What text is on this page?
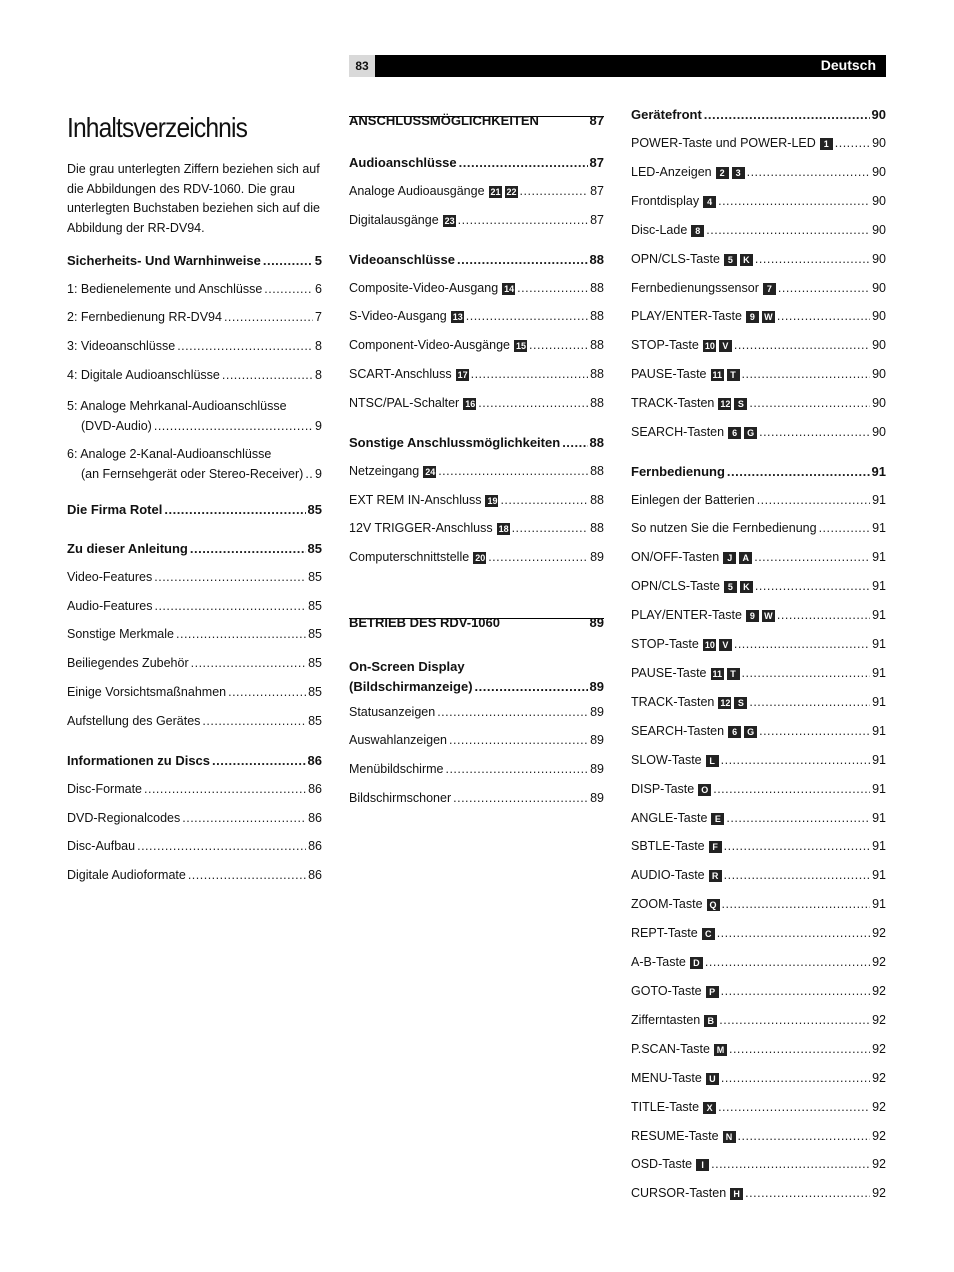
83	Deutsch
Inhaltsverzeichnis

Die grau unterlegten Ziffern beziehen sich auf die Abbildungen des RDV-1060. Die grau unterlegten Buchstaben beziehen sich auf die Abbildung der RR-DV94.

Sicherheits- Und Warnhinweise .....	5
1: Bedienelemente und Anschlüsse .....	6
2: Fernbedienung RR-DV94 .....	7
3: Videoanschlüsse .....	8
4: Digitale Audioanschlüsse .....	8
5: Analoge Mehrkanal-Audioanschlüsse
(DVD-Audio) .....	9
6: Analoge 2-Kanal-Audioanschlüsse
(an Fernsehgerät oder Stereo-Receiver) ..... 9
Die Firma Rotel .....	85
Zu dieser Anleitung .....	85
Video-Features .....	85
Audio-Features .....	85
Sonstige Merkmale .....	85
Beiliegendes Zubehör .....	85
Einige Vorsichtsmaßnahmen .....	85
Aufstellung des Gerätes .....	85
Informationen zu Discs .....	86
Disc-Formate .....	86
DVD-Regionalcodes .....	86
Disc-Aufbau .....	86
Digitale Audioformate .....	86
ANSCHLUSSMÖGLICHKEITEN	87
Audioanschlüsse .....	87
Analoge Audioausgänge 21 22 .....	87
Digitalausgänge 23 .....	87
Videoanschlüsse .....	88
Composite-Video-Ausgang 14 .....	88
S-Video-Ausgang 13 .....	88
Component-Video-Ausgänge 15 .....	88
SCART-Anschluss 17 .....	88
NTSC/PAL-Schalter 16 .....	88
Sonstige Anschlussmöglichkeiten ..... 88
Netzeingang 24 .....	88
EXT REM IN-Anschluss 19 .....	88
12V TRIGGER-Anschluss 18 .....	88
Computerschnittstelle 20 .....	89
BETRIEB DES RDV-1060	89
On-Screen Display
(Bildschirmanzeige) .....	89
Statusanzeigen .....	89
Auswahlanzeigen .....	89
Menübildschirme .....	89
Bildschirmschoner .....	89
Gerätefront .....	90
POWER-Taste und POWER-LED 1 .....	90
LED-Anzeigen 2	3 .....	90
Frontdisplay 4 .....	90
Disc-Lade 8 .....	90
OPN/CLS-Taste 5	K .....	90
Fernbedienungssensor 7 .....	90
PLAY/ENTER-Taste 9	W .....	90
STOP-Taste 10 V .....	90
PAUSE-Taste 11 T .....	90
TRACK-Tasten 12 S .....	90
SEARCH-Tasten 6	G .....	90
Fernbedienung .....	91
Einlegen der Batterien .....	91
So nutzen Sie die Fernbedienung .....	91
ON/OFF-Tasten J	A .....	91
OPN/CLS-Taste 5	K .....	91
PLAY/ENTER-Taste 9	W .....	91
STOP-Taste 10 V .....	91
PAUSE-Taste 11 T .....	91
TRACK-Tasten 12 S .....	91
SEARCH-Tasten 6	G .....	91
SLOW-Taste L .....	91
DISP-Taste O .....	91
ANGLE-Taste E .....	91
SBTLE-Taste F .....	91
AUDIO-Taste R .....	91
ZOOM-Taste Q .....	91
REPT-Taste C .....	92
A-B-Taste D .....	92
GOTO-Taste P .....	92
Zifferntasten B .....	92
P.SCAN-Taste M .....	92
MENU-Taste U .....	92
TITLE-Taste X .....	92
RESUME-Taste N .....	92
OSD-Taste	I .....	92
CURSOR-Tasten H .....	92
